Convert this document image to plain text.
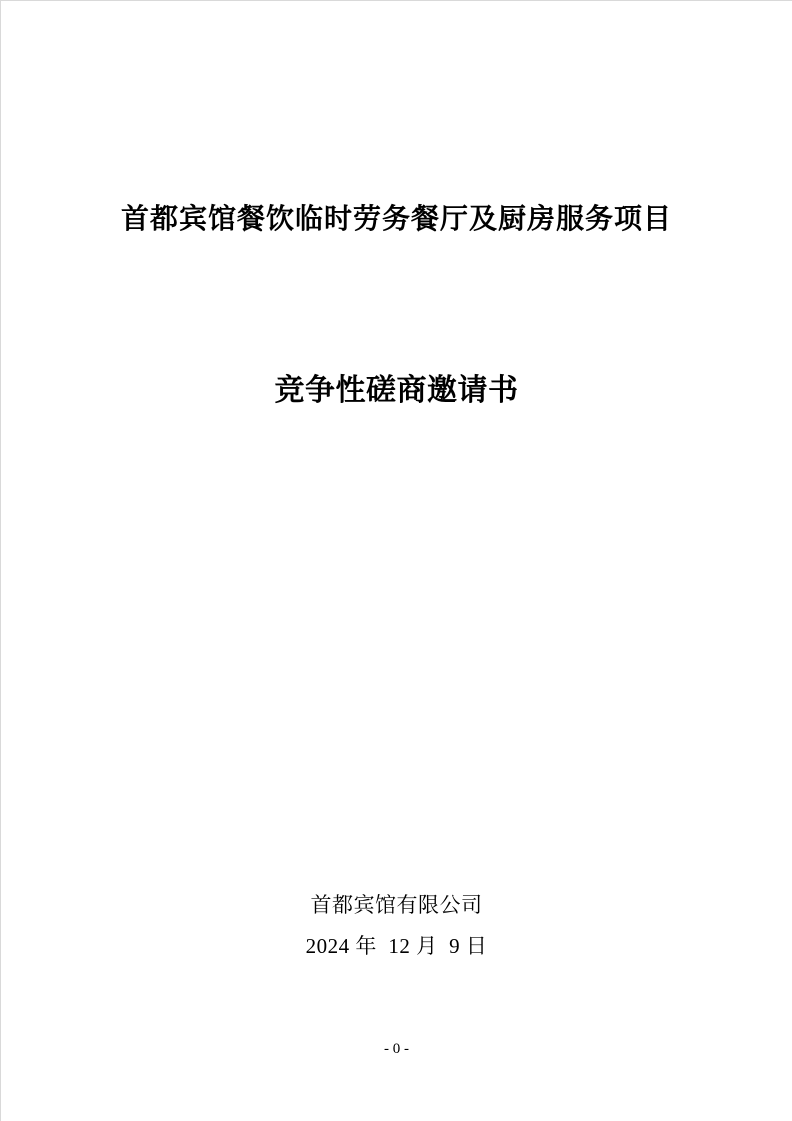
首都宾馆餐饮临时劳务餐厅及厨房服务项目
竞争性磋商邀请书
首都宾馆有限公司
2024 年  12 月  9 日
- 0 -
